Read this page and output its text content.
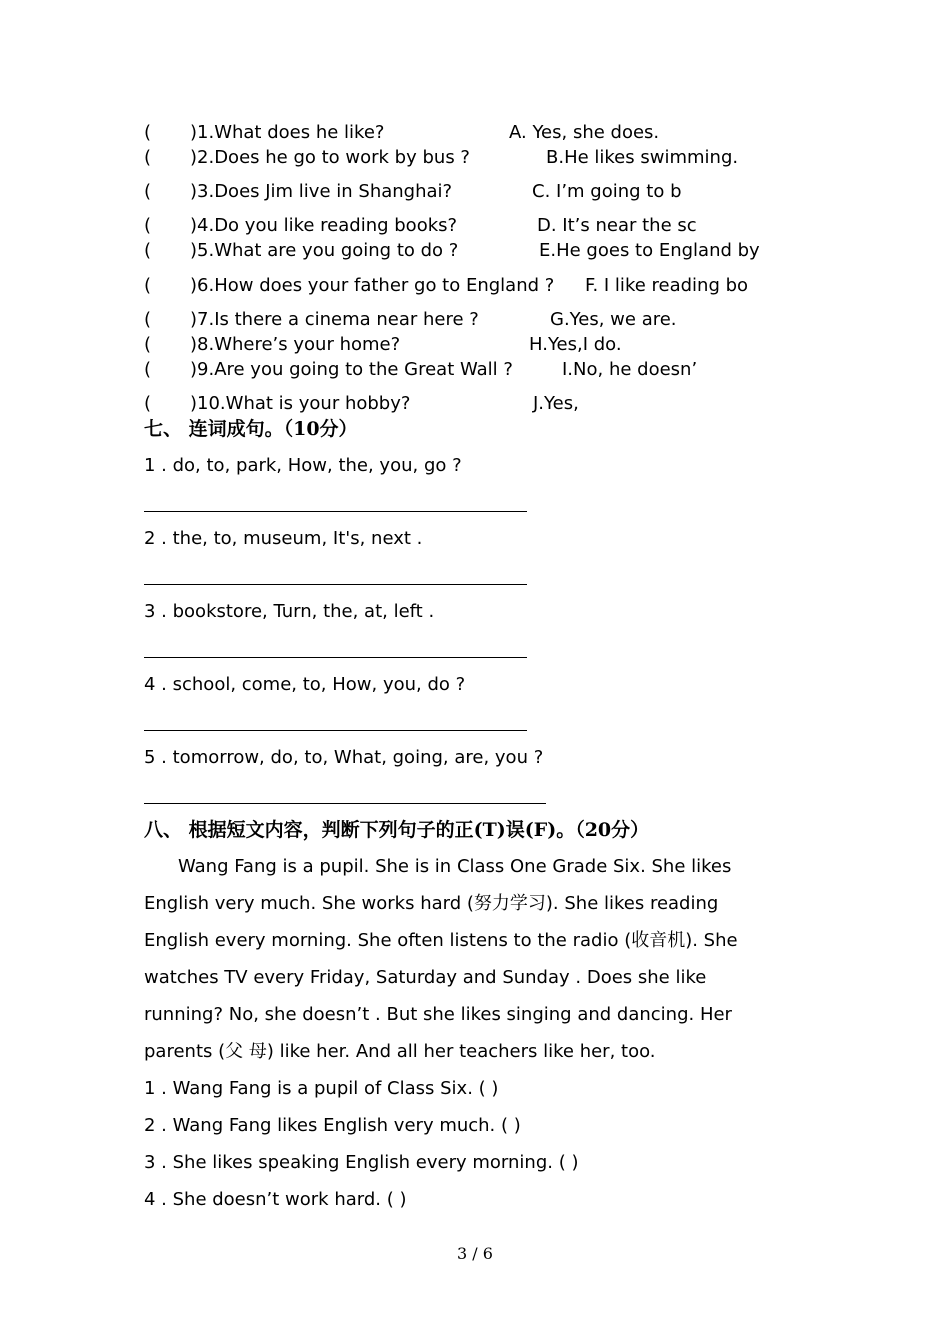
( )1.What does he like?	A. Yes, she does.
( )2.Does he go to work by bus ?	B.He likes swimming.
( )3.Does Jim live in Shanghai?	C. I’m going to b
( )4.Do you like reading books?	D. It’s near the sc
( )5.What are you going to do ?	E.He goes to England by
( )6.How does your father go to England ? F. I like reading bo
( )7.Is there a cinema near here ?	G.Yes, we are.
( )8.Where’s your home?	H.Yes,I do.
( )9.Are you going to the Great Wall ?	I.No, he doesn’
( )10.What is your hobby?	J.Yes,
七、 连词成句。（10分）
1 . do, to, park, How, the, you, go ?
2 . the, to, museum, It's, next .
3 . bookstore, Turn, the, at, left .
4 . school, come, to, How, you, do ?
5 . tomorrow, do, to, What, going, are, you ?
八、 根据短文内容，判断下列句子的正(T)误(F)。（20分）
Wang Fang is a pupil. She is in Class One Grade Six. She likes
English very much. She works hard (努力学习). She likes reading
English every morning. She often listens to the radio (收音机). She
watches TV every Friday, Saturday and Sunday . Does she like
running? No, she doesn’t . But she likes singing and dancing. Her
parents (父 母) like her. And all her teachers like her, too.
1 . Wang Fang is a pupil of Class Six. ( )
2 . Wang Fang likes English very much. ( )
3 . She likes speaking English every morning. ( )
4 . She doesn’t work hard. ( )
3 / 6
